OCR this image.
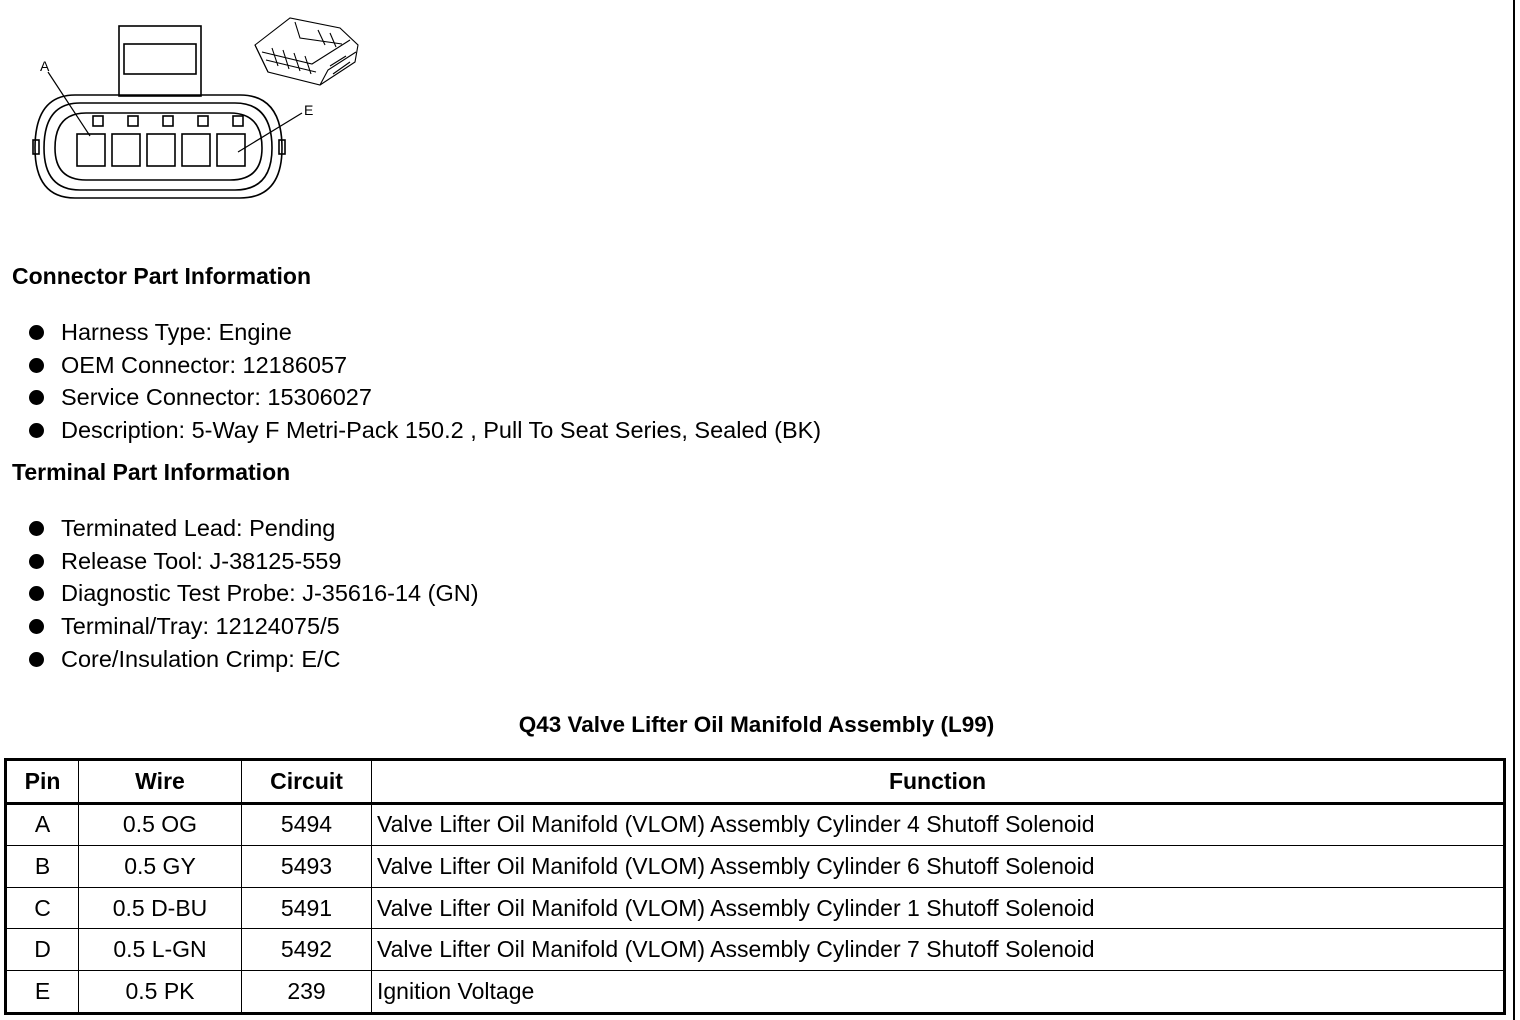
A
E
Connector Part Information
Harness Type: Engine
OEM Connector: 12186057
Service Connector: 15306027
Description: 5-Way F Metri-Pack 150.2 , Pull To Seat Series, Sealed (BK)
Terminal Part Information
Terminated Lead: Pending
Release Tool: J-38125-559
Diagnostic Test Probe: J-35616-14 (GN)
Terminal/Tray: 12124075/5
Core/Insulation Crimp: E/C
Q43 Valve Lifter Oil Manifold Assembly (L99)
Pin	Wire	Circuit	Function
A	0.5 OG	5494	Valve Lifter Oil Manifold (VLOM) Assembly Cylinder 4 Shutoff Solenoid
B	0.5 GY	5493	Valve Lifter Oil Manifold (VLOM) Assembly Cylinder 6 Shutoff Solenoid
C	0.5 D-BU	5491	Valve Lifter Oil Manifold (VLOM) Assembly Cylinder 1 Shutoff Solenoid
D	0.5 L-GN	5492	Valve Lifter Oil Manifold (VLOM) Assembly Cylinder 7 Shutoff Solenoid
E	0.5 PK	239	Ignition Voltage
